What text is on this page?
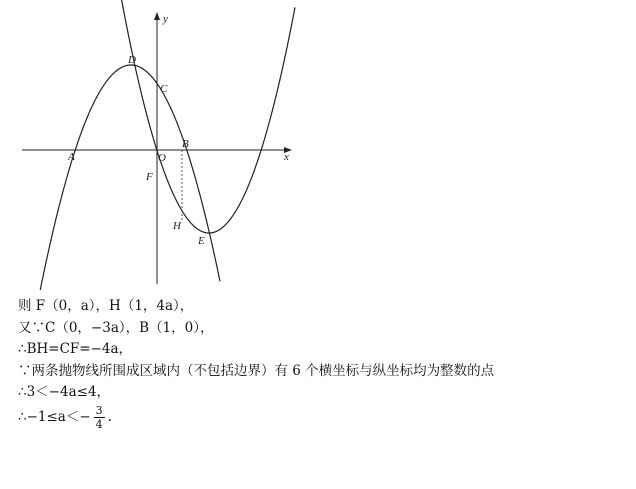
y
x
D
C
A	O
B
F
H
E
则 F（0，a），H（1，4a），
又∵C（0，−3a），B（1，0），
∴BH=CF=−4a，
∵两条抛物线所围成区域内（不包括边界）有 6 个横坐标与纵坐标均为整数的点
∴3＜−4a≤4，
∴−1≤a＜− $\frac{3}{4}$ .
